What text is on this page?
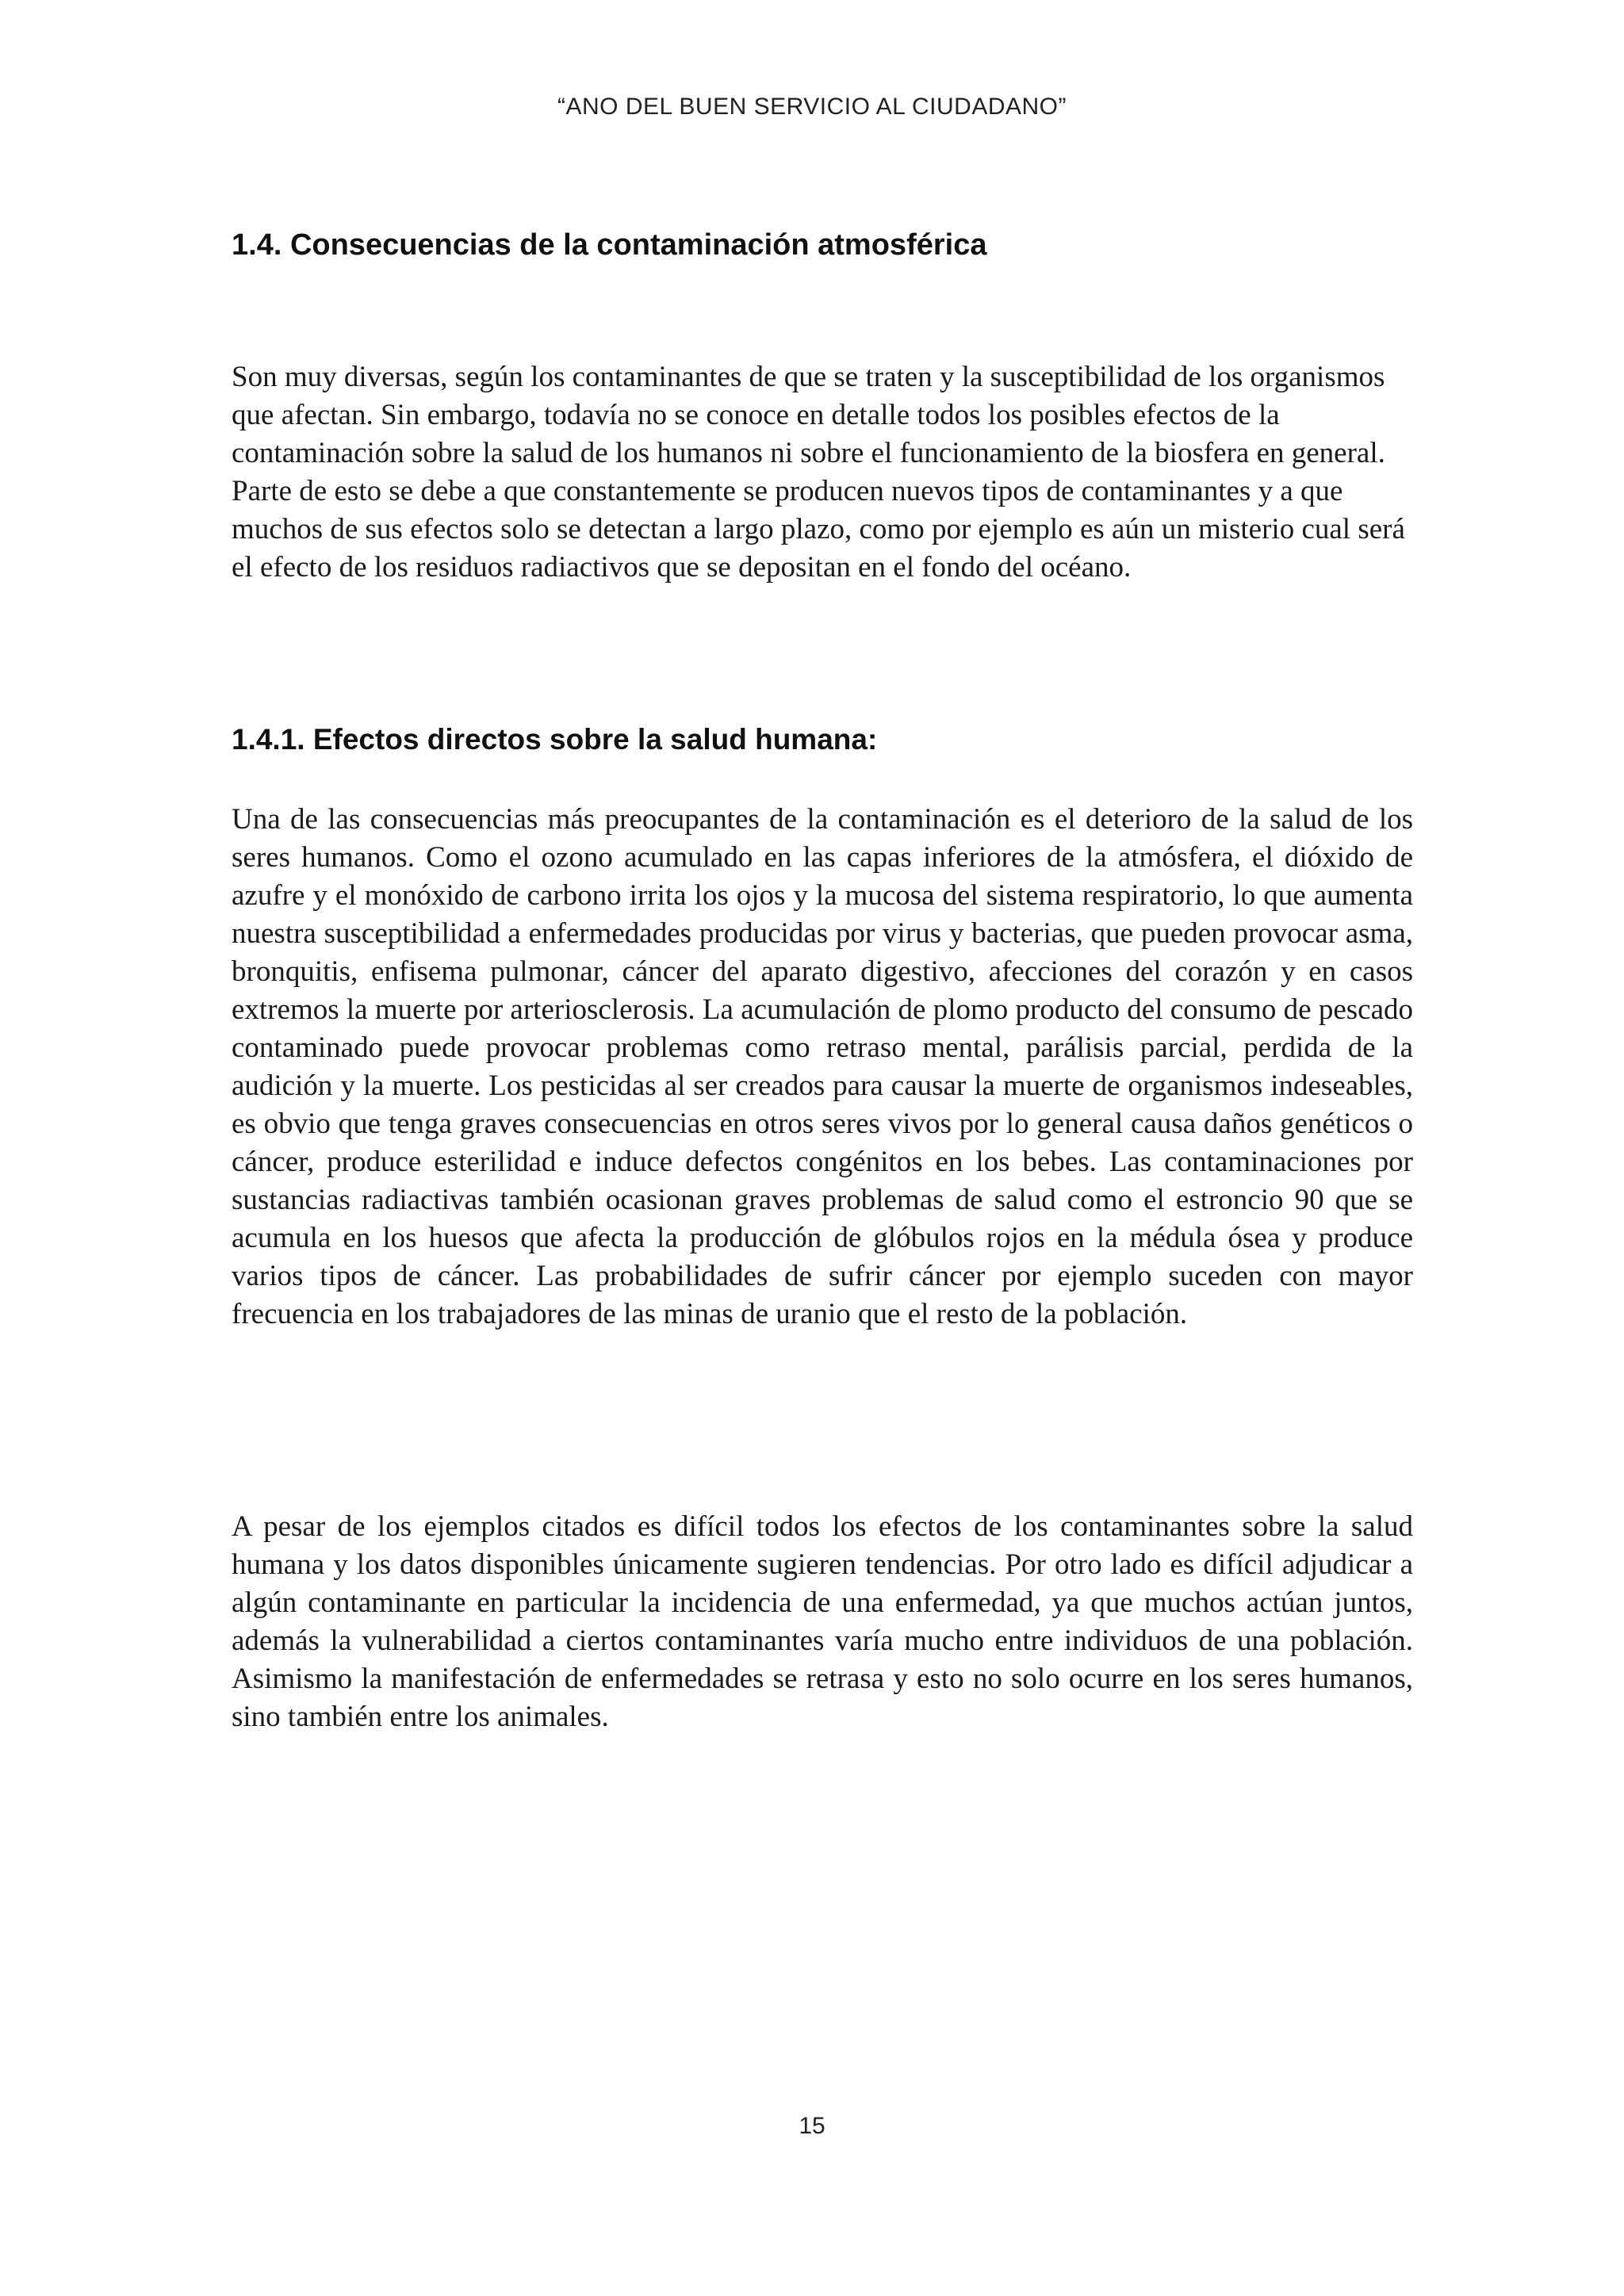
“ANO DEL BUEN SERVICIO AL CIUDADANO”
1.4. Consecuencias de la contaminación atmosférica

Son muy diversas, según los contaminantes de que se traten y la susceptibilidad de los organismos que afectan. Sin embargo, todavía no se conoce en detalle todos los posibles efectos de la contaminación sobre la salud de los humanos ni sobre el funcionamiento de la biosfera en general. Parte de esto se debe a que constantemente se producen nuevos tipos de contaminantes y a que muchos de sus efectos solo se detectan a largo plazo, como por ejemplo es aún un misterio cual será el efecto de los residuos radiactivos que se depositan en el fondo del océano.

1.4.1. Efectos directos sobre la salud humana:

Una de las consecuencias más preocupantes de la contaminación es el deterioro de la salud de los seres humanos. Como el ozono acumulado en las capas inferiores de la atmósfera, el dióxido de azufre y el monóxido de carbono irrita los ojos y la mucosa del sistema respiratorio, lo que aumenta nuestra susceptibilidad a enfermedades producidas por virus y bacterias, que pueden provocar asma, bronquitis, enfisema pulmonar, cáncer del aparato digestivo, afecciones del corazón y en casos extremos la muerte por arteriosclerosis. La acumulación de plomo producto del consumo de pescado contaminado puede provocar problemas como retraso mental, parálisis parcial, perdida de la audición y la muerte. Los pesticidas al ser creados para causar la muerte de organismos indeseables, es obvio que tenga graves consecuencias en otros seres vivos por lo general causa daños genéticos o cáncer, produce esterilidad e induce defectos congénitos en los bebes. Las contaminaciones por sustancias radiactivas también ocasionan graves problemas de salud como el estroncio 90 que se acumula en los huesos que afecta la producción de glóbulos rojos en la médula ósea y produce varios tipos de cáncer. Las probabilidades de sufrir cáncer por ejemplo suceden con mayor frecuencia en los trabajadores de las minas de uranio que el resto de la población.

A pesar de los ejemplos citados es difícil todos los efectos de los contaminantes sobre la salud humana y los datos disponibles únicamente sugieren tendencias. Por otro lado es difícil adjudicar a algún contaminante en particular la incidencia de una enfermedad, ya que muchos actúan juntos, además la vulnerabilidad a ciertos contaminantes varía mucho entre individuos de una población. Asimismo la manifestación de enfermedades se retrasa y esto no solo ocurre en los seres humanos, sino también entre los animales.

15
